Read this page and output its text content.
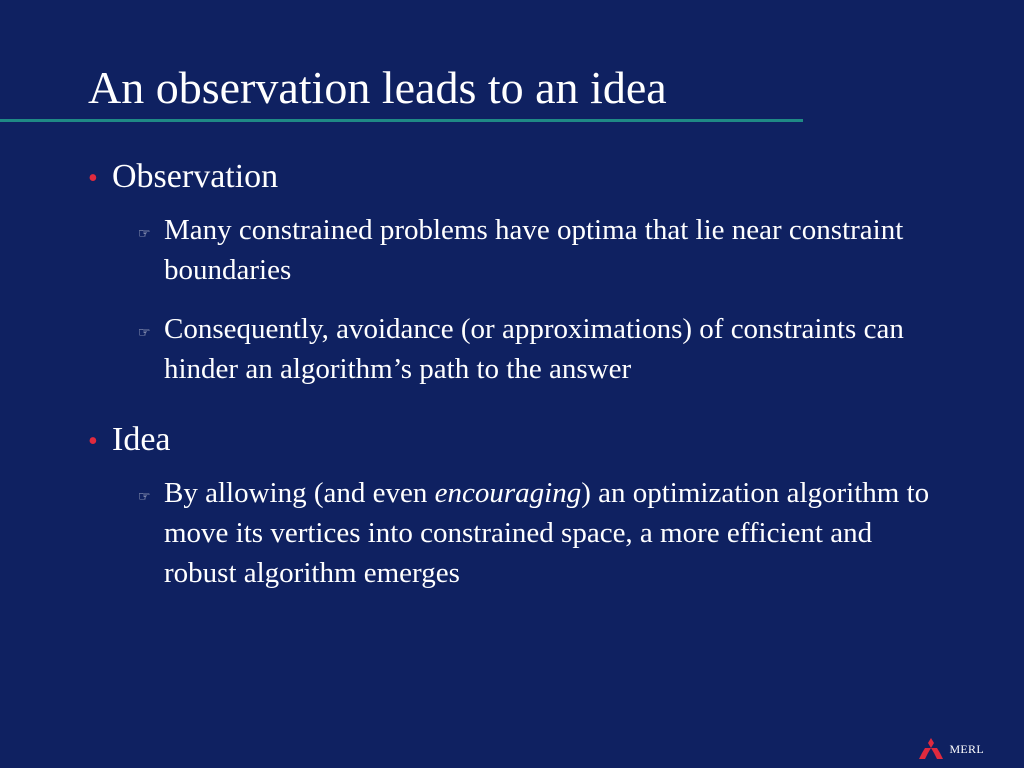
An observation leads to an idea
• Observation
☞ Many constrained problems have optima that lie near constraint boundaries
☞ Consequently, avoidance (or approximations) of constraints can hinder an algorithm’s path to the answer
• Idea
☞ By allowing (and even encouraging) an optimization algorithm to move its vertices into constrained space, a more efficient and robust algorithm emerges
MERL
